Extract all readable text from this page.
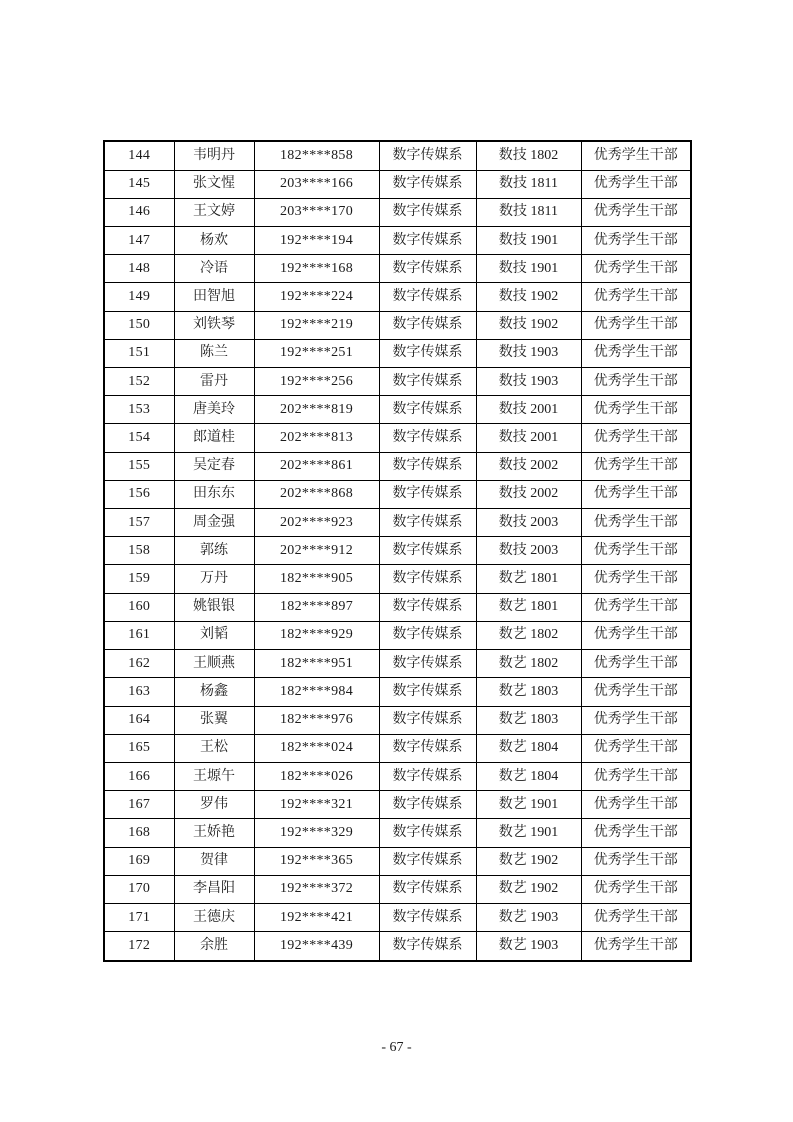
144	韦明丹	182****858	数字传媒系	数技 1802	优秀学生干部
145	张文惺	203****166	数字传媒系	数技 1811	优秀学生干部
146	王文婷	203****170	数字传媒系	数技 1811	优秀学生干部
147	杨欢	192****194	数字传媒系	数技 1901	优秀学生干部
148	冷语	192****168	数字传媒系	数技 1901	优秀学生干部
149	田智旭	192****224	数字传媒系	数技 1902	优秀学生干部
150	刘铁琴	192****219	数字传媒系	数技 1902	优秀学生干部
151	陈兰	192****251	数字传媒系	数技 1903	优秀学生干部
152	雷丹	192****256	数字传媒系	数技 1903	优秀学生干部
153	唐美玲	202****819	数字传媒系	数技 2001	优秀学生干部
154	郎道桂	202****813	数字传媒系	数技 2001	优秀学生干部
155	吴定春	202****861	数字传媒系	数技 2002	优秀学生干部
156	田东东	202****868	数字传媒系	数技 2002	优秀学生干部
157	周金强	202****923	数字传媒系	数技 2003	优秀学生干部
158	郭练	202****912	数字传媒系	数技 2003	优秀学生干部
159	万丹	182****905	数字传媒系	数艺 1801	优秀学生干部
160	姚银银	182****897	数字传媒系	数艺 1801	优秀学生干部
161	刘韬	182****929	数字传媒系	数艺 1802	优秀学生干部
162	王顺燕	182****951	数字传媒系	数艺 1802	优秀学生干部
163	杨鑫	182****984	数字传媒系	数艺 1803	优秀学生干部
164	张翼	182****976	数字传媒系	数艺 1803	优秀学生干部
165	王松	182****024	数字传媒系	数艺 1804	优秀学生干部
166	王塬午	182****026	数字传媒系	数艺 1804	优秀学生干部
167	罗伟	192****321	数字传媒系	数艺 1901	优秀学生干部
168	王娇艳	192****329	数字传媒系	数艺 1901	优秀学生干部
169	贺律	192****365	数字传媒系	数艺 1902	优秀学生干部
170	李昌阳	192****372	数字传媒系	数艺 1902	优秀学生干部
171	王德庆	192****421	数字传媒系	数艺 1903	优秀学生干部
172	余胜	192****439	数字传媒系	数艺 1903	优秀学生干部
- 67 -
